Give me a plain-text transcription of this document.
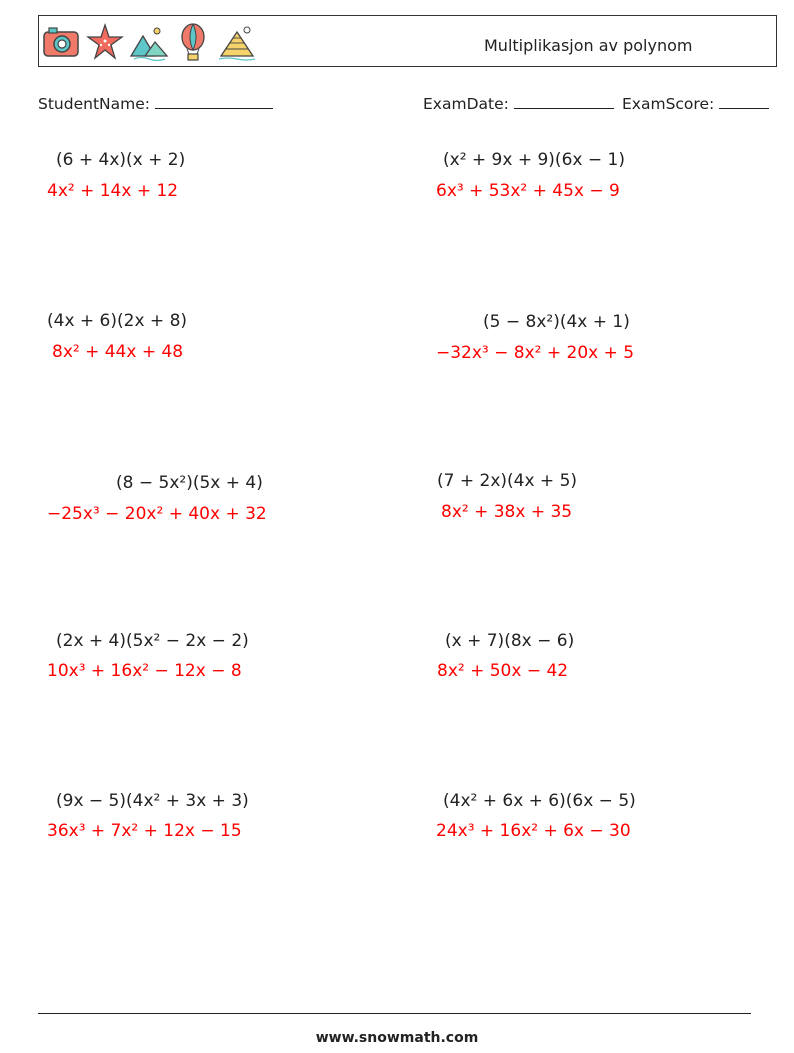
Multiplikasjon av polynom
StudentName:	ExamDate:	ExamScore:
(6 + 4x)(x + 2)
4x² + 14x + 12
(x² + 9x + 9)(6x − 1)
6x³ + 53x² + 45x − 9
(4x + 6)(2x + 8)
8x² + 44x + 48
(5 − 8x²)(4x + 1)
−32x³ − 8x² + 20x + 5
(8 − 5x²)(5x + 4)
−25x³ − 20x² + 40x + 32
(7 + 2x)(4x + 5)
8x² + 38x + 35
(2x + 4)(5x² − 2x − 2)
10x³ + 16x² − 12x − 8
(x + 7)(8x − 6)
8x² + 50x − 42
(9x − 5)(4x² + 3x + 3)
36x³ + 7x² + 12x − 15
(4x² + 6x + 6)(6x − 5)
24x³ + 16x² + 6x − 30
www.snowmath.com
